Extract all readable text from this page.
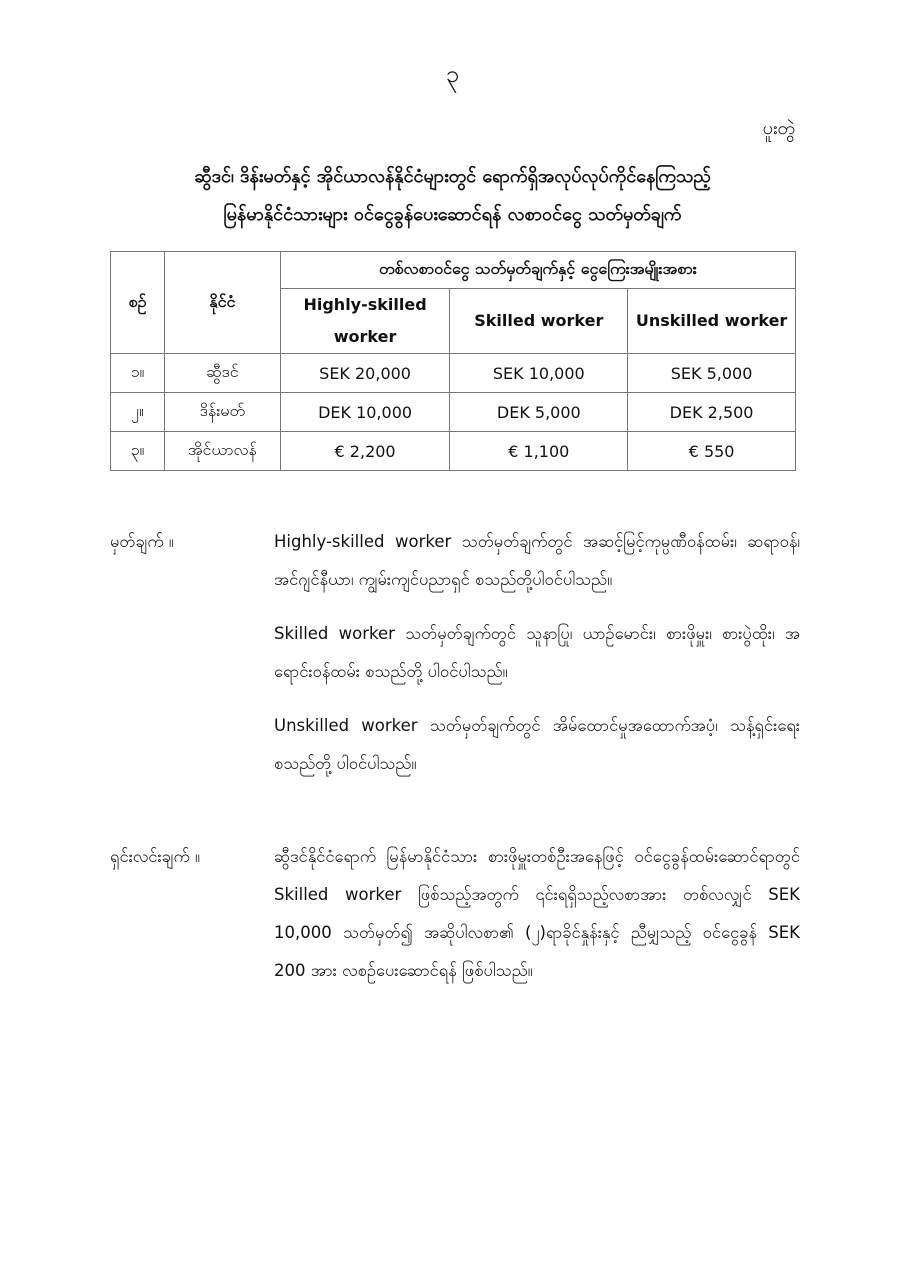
၃
ပူးတွဲ
ဆွီဒင်၊ ဒိန်းမတ်နှင့် အိုင်ယာလန်နိုင်ငံများတွင် ရောက်ရှိအလုပ်လုပ်ကိုင်နေကြသည့်
မြန်မာနိုင်ငံသားများ ဝင်ငွေခွန်ပေးဆောင်ရန် လစာဝင်ငွေ သတ်မှတ်ချက်
စဉ်	နိုင်ငံ	တစ်လစာဝင်ငွေ သတ်မှတ်ချက်နှင့် ငွေကြေးအမျိုးအစား		
		Highly-skilled worker	Skilled worker	Unskilled worker
၁။	ဆွီဒင်	SEK 20,000	SEK 10,000	SEK 5,000
၂။	ဒိန်းမတ်	DEK 10,000	DEK 5,000	DEK 2,500
၃။	အိုင်ယာလန်	€ 2,200	€ 1,100	€ 550
မှတ်ချက် ။	Highly-skilled worker သတ်မှတ်ချက်တွင် အဆင့်မြင့်ကုမ္ပဏီဝန်ထမ်း၊ ဆရာဝန်၊ အင်ဂျင်နီယာ၊ ကျွမ်းကျင်ပညာရှင် စသည်တို့ပါဝင်ပါသည်။

Skilled worker သတ်မှတ်ချက်တွင် သူနာပြု၊ ယာဉ်မောင်း၊ စားဖိုမှူး၊ စားပွဲထိုး၊ အရောင်းဝန်ထမ်း စသည်တို့ ပါဝင်ပါသည်။

Unskilled worker သတ်မှတ်ချက်တွင် အိမ်ထောင်မှုအထောက်အပံ့၊ သန့်ရှင်းရေး စသည်တို့ ပါဝင်ပါသည်။

ရှင်းလင်းချက် ။	ဆွီဒင်နိုင်ငံရောက် မြန်မာနိုင်ငံသား စားဖိုမှူးတစ်ဦးအနေဖြင့် ဝင်ငွေခွန်ထမ်းဆောင်ရာတွင် Skilled worker ဖြစ်သည့်အတွက် ၎င်းရရှိသည့်လစာအား တစ်လလျှင် SEK 10,000 သတ်မှတ်၍ အဆိုပါလစာ၏ (၂)ရာခိုင်နှုန်းနှင့် ညီမျှသည့် ဝင်ငွေခွန် SEK 200 အား လစဉ်ပေးဆောင်ရန် ဖြစ်ပါသည်။
